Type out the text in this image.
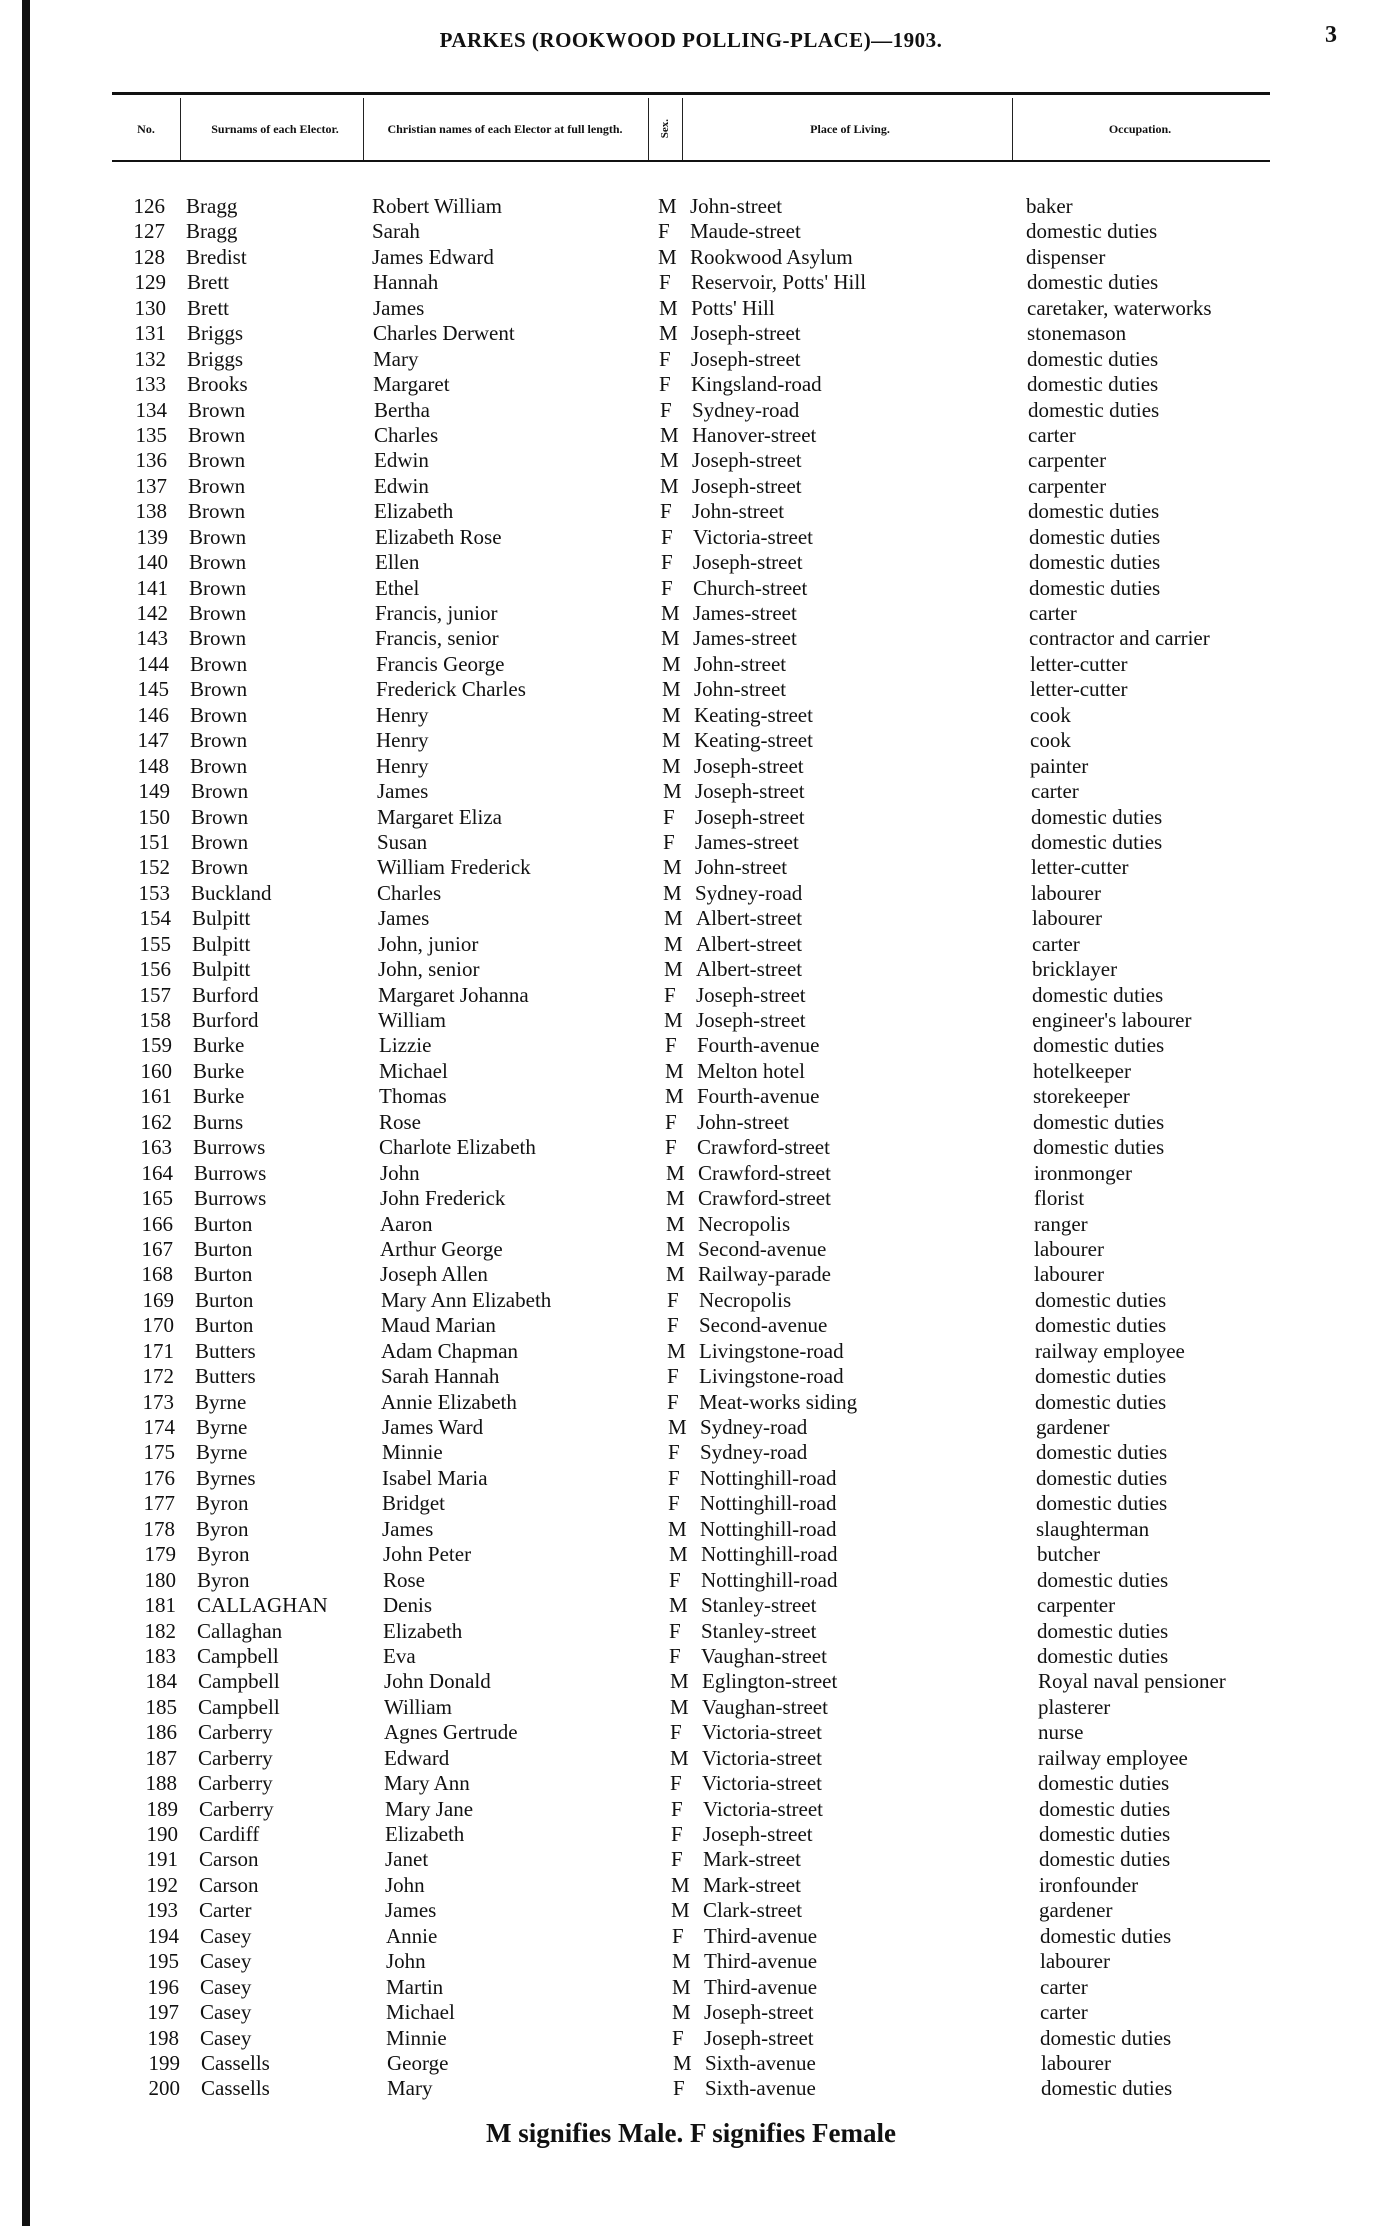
PARKES (ROOKWOOD POLLING-PLACE)—1903.	3
No.	Surnams of each Elector.	Christian names of each Elector at full length.	Sex.	Place of Living.	Occupation.
126 Bragg	Robert William	M John-street	baker
127 Bragg	Sarah	F Maude-street	domestic duties
128 Bredist	James Edward	M Rookwood Asylum	dispenser
129 Brett	Hannah	F Reservoir, Potts' Hill	domestic duties
130 Brett	James	M Potts' Hill	caretaker, waterworks
131 Briggs	Charles Derwent	M Joseph-street	stonemason
132 Briggs	Mary	F Joseph-street	domestic duties
133 Brooks	Margaret	F Kingsland-road	domestic duties
134 Brown	Bertha	F Sydney-road	domestic duties
135 Brown	Charles	M Hanover-street	carter
136 Brown	Edwin	M Joseph-street	carpenter
137 Brown	Edwin	M Joseph-street	carpenter
138 Brown	Elizabeth	F John-street	domestic duties
139 Brown	Elizabeth Rose	F Victoria-street	domestic duties
140 Brown	Ellen	F Joseph-street	domestic duties
141 Brown	Ethel	F Church-street	domestic duties
142 Brown	Francis, junior	M James-street	carter
143 Brown	Francis, senior	M James-street	contractor and carrier
144 Brown	Francis George	M John-street	letter-cutter
145 Brown	Frederick Charles	M John-street	letter-cutter
146 Brown	Henry	M Keating-street	cook
147 Brown	Henry	M Keating-street	cook
148 Brown	Henry	M Joseph-street	painter
149 Brown	James	M Joseph-street	carter
150 Brown	Margaret Eliza	F Joseph-street	domestic duties
151 Brown	Susan	F James-street	domestic duties
152 Brown	William Frederick	M John-street	letter-cutter
153 Buckland	Charles	M Sydney-road	labourer
154 Bulpitt	James	M Albert-street	labourer
155 Bulpitt	John, junior	M Albert-street	carter
156 Bulpitt	John, senior	M Albert-street	bricklayer
157 Burford	Margaret Johanna	F Joseph-street	domestic duties
158 Burford	William	M Joseph-street	engineer's labourer
159 Burke	Lizzie	F Fourth-avenue	domestic duties
160 Burke	Michael	M Melton hotel	hotelkeeper
161 Burke	Thomas	M Fourth-avenue	storekeeper
162 Burns	Rose	F John-street	domestic duties
163 Burrows	Charlote Elizabeth	F Crawford-street	domestic duties
164 Burrows	John	M Crawford-street	ironmonger
165 Burrows	John Frederick	M Crawford-street	florist
166 Burton	Aaron	M Necropolis	ranger
167 Burton	Arthur George	M Second-avenue	labourer
168 Burton	Joseph Allen	M Railway-parade	labourer
169 Burton	Mary Ann Elizabeth	F Necropolis	domestic duties
170 Burton	Maud Marian	F Second-avenue	domestic duties
171 Butters	Adam Chapman	M Livingstone-road	railway employee
172 Butters	Sarah Hannah	F Livingstone-road	domestic duties
173 Byrne	Annie Elizabeth	F Meat-works siding	domestic duties
174 Byrne	James Ward	M Sydney-road	gardener
175 Byrne	Minnie	F Sydney-road	domestic duties
176 Byrnes	Isabel Maria	F Nottinghill-road	domestic duties
177 Byron	Bridget	F Nottinghill-road	domestic duties
178 Byron	James	M Nottinghill-road	slaughterman
179 Byron	John Peter	M Nottinghill-road	butcher
180 Byron	Rose	F Nottinghill-road	domestic duties
181 CALLAGHAN	Denis	M Stanley-street	carpenter
182 Callaghan	Elizabeth	F Stanley-street	domestic duties
183 Campbell	Eva	F Vaughan-street	domestic duties
184 Campbell	John Donald	M Eglington-street	Royal naval pensioner
185 Campbell	William	M Vaughan-street	plasterer
186 Carberry	Agnes Gertrude	F Victoria-street	nurse
187 Carberry	Edward	M Victoria-street	railway employee
188 Carberry	Mary Ann	F Victoria-street	domestic duties
189 Carberry	Mary Jane	F Victoria-street	domestic duties
190 Cardiff	Elizabeth	F Joseph-street	domestic duties
191 Carson	Janet	F Mark-street	domestic duties
192 Carson	John	M Mark-street	ironfounder
193 Carter	James	M Clark-street	gardener
194 Casey	Annie	F Third-avenue	domestic duties
195 Casey	John	M Third-avenue	labourer
196 Casey	Martin	M Third-avenue	carter
197 Casey	Michael	M Joseph-street	carter
198 Casey	Minnie	F Joseph-street	domestic duties
199 Cassells	George	M Sixth-avenue	labourer
200 Cassells	Mary	F Sixth-avenue	domestic duties
M signifies Male. F signifies Female
